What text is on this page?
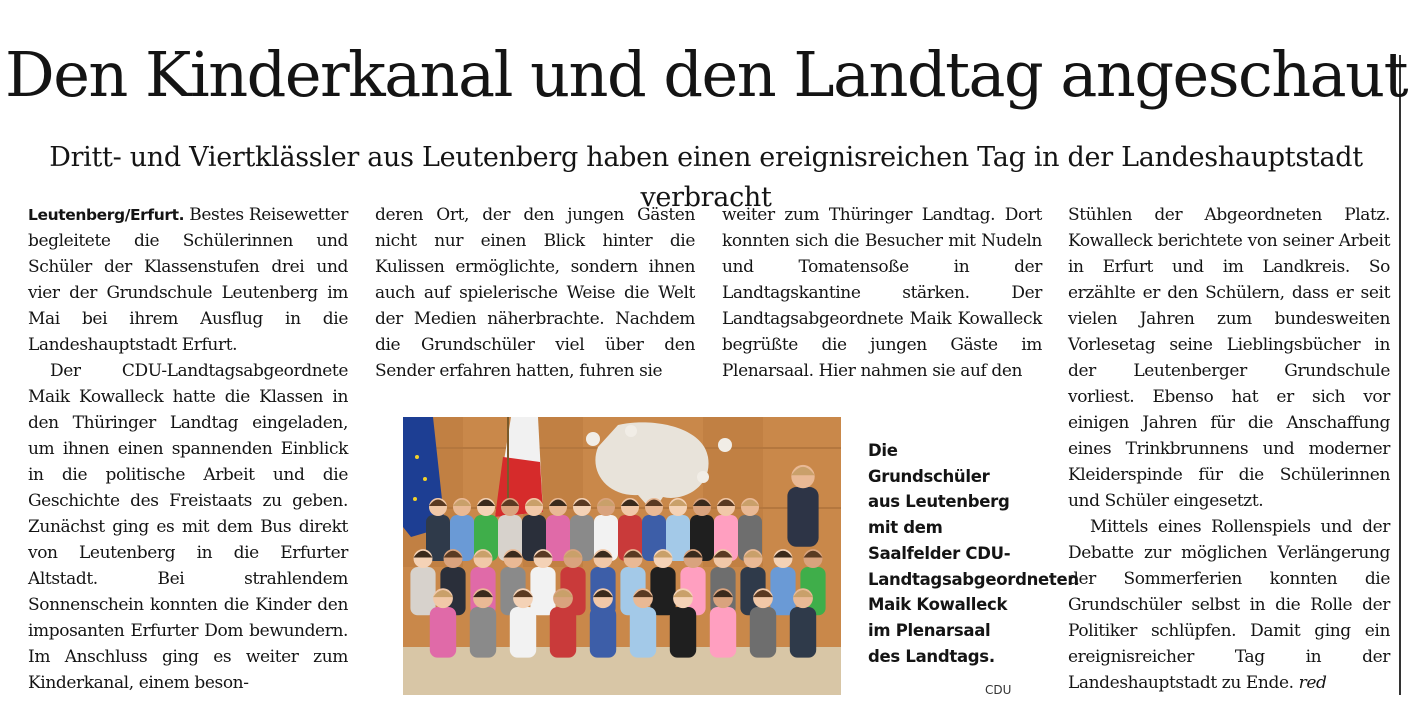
Den Kinderkanal und den Landtag angeschaut
Dritt- und Viertklässler aus Leutenberg haben einen ereignisreichen Tag in der Landeshauptstadt verbracht

Leutenberg/Erfurt. Bestes Reisewetter begleitete die Schülerinnen und Schüler der Klassenstufen drei und vier der Grundschule Leutenberg im Mai bei ihrem Ausflug in die Landeshauptstadt Erfurt.

Der CDU-Landtagsabgeordnete Maik Kowalleck hatte die Klassen in den Thüringer Landtag eingeladen, um ihnen einen spannenden Einblick in die politische Arbeit und die Geschichte des Freistaats zu geben. Zunächst ging es mit dem Bus direkt von Leutenberg in die Erfurter Altstadt. Bei strahlendem Sonnenschein konnten die Kinder den imposanten Erfurter Dom bewundern. Im Anschluss ging es weiter zum Kinderkanal, einem beson-

deren Ort, der den jungen Gästen nicht nur einen Blick hinter die Kulissen ermöglichte, sondern ihnen auch auf spielerische Weise die Welt der Medien näherbrachte. Nachdem die Grundschüler viel über den Sender erfahren hatten, fuhren sie

weiter zum Thüringer Landtag. Dort konnten sich die Besucher mit Nudeln und Tomatensoße in der Landtagskantine stärken. Der Landtagsabgeordnete Maik Kowalleck begrüßte die jungen Gäste im Plenarsaal. Hier nahmen sie auf den

Stühlen der Abgeordneten Platz. Kowalleck berichtete von seiner Arbeit in Erfurt und im Landkreis. So erzählte er den Schülern, dass er seit vielen Jahren zum bundesweiten Vorlesetag seine Lieblingsbücher in der Leutenberger Grundschule vorliest. Ebenso hat er sich vor einigen Jahren für die Anschaffung eines Trinkbrunnens und moderner Kleiderspinde für die Schülerinnen und Schüler eingesetzt.

Mittels eines Rollenspiels und der Debatte zur möglichen Verlängerung der Sommerferien konnten die Grundschüler selbst in die Rolle der Politiker schlüpfen. Damit ging ein ereignisreicher Tag in der Landeshauptstadt zu Ende. red

Die Grundschüler aus Leutenberg mit dem Saalfelder CDU-Landtagsabgeordneten Maik Kowalleck im Plenarsaal des Landtags.
CDU
